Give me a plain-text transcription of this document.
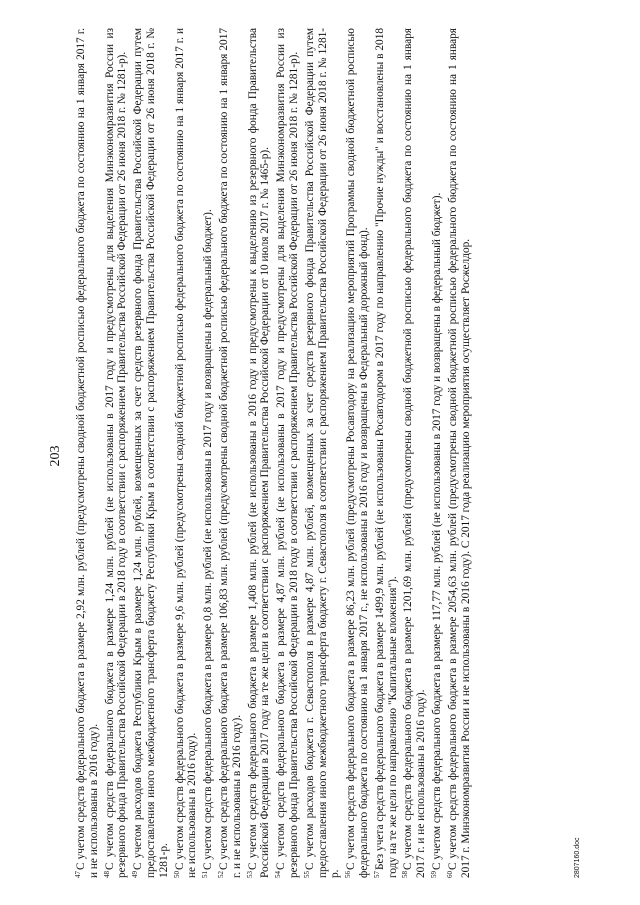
203

$^{47}$С учетом средств федерального бюджета в размере 2,92 млн. рублей (предусмотрены сводной бюджетной росписью федерального бюджета по состоянию на 1 января 2017 г. и не использованы в 2016 году). $^{48}$С учетом средств федерального бюджета в размере 1,24 млн. рублей (не использованы в 2017 году и предусмотрены для выделения Минэкономразвития России из резервного фонда Правительства Российской Федерации в 2018 году в соответствии с распоряжением Правительства Российской Федерации от 26 июня 2018 г. № 1281-р). $^{49}$С учетом расходов бюджета Республики Крым в размере 1,24 млн. рублей, возмещенных за счет средств резервного фонда Правительства Российской Федерации путем предоставления иного межбюджетного трансферта бюджету Республики Крым в соответствии с распоряжением Правительства Российской Федерации от 26 июня 2018 г. № 1281-р. $^{50}$С учетом средств федерального бюджета в размере 9,6 млн. рублей (предусмотрены сводной бюджетной росписью федерального бюджета по состоянию на 1 января 2017 г. и не использованы в 2016 году). $^{51}$С учетом средств федерального бюджета в размере 0,8 млн. рублей (не использованы в 2017 году и возвращены в федеральный бюджет).

$^{52}$С учетом средств федерального бюджета в размере 106,83 млн. рублей (предусмотрены сводной бюджетной росписью федерального бюджета по состоянию на 1 января 2017 г. и не использованы в 2016 году). $^{53}$С учетом средств федерального бюджета в размере 1,408 млн. рублей (не использованы в 2016 году и предусмотрены к выделению из резервного фонда Правительства Российской Федерации в 2017 году на те же цели в соответствии с распоряжением Правительства Российской Федерации от 10 июля 2017 г. № 1465-р). $^{54}$С учетом средств федерального бюджета в размере 4,87 млн. рублей (не использованы в 2017 году и предусмотрены для выделения Минэкономразвития России из резервного фонда Правительства Российской Федерации в 2018 году в соответствии с распоряжением Правительства Российской Федерации от 26 июня 2018 г. № 1281-р). $^{55}$С учетом расходов бюджета г. Севастополя в размере 4,87 млн. рублей, возмещенных за счет средств резервного фонда Правительства Российской Федерации путем предоставления иного межбюджетного трансферта бюджету г. Севастополя в соответствии с распоряжением Правительства Российской Федерации от 26 июня 2018 г. № 1281-р. $^{56}$С учетом средств федерального бюджета в размере 86,23 млн. рублей (предусмотрены Росавтодору на реализацию мероприятий Программы сводной бюджетной росписью федерального бюджета по состоянию на 1 января 2017 г., не использованы в 2016 году и возвращены в Федеральный дорожный фонд). $^{57}$Без учета средств федерального бюджета в размере 1499,9 млн. рублей (не использованы Росавтодором в 2017 году по направлению "Прочие нужды" и восстановлены в 2018 году на те же цели по направлению "Капитальные вложения"). $^{58}$С учетом средств федерального бюджета в размере 1201,69 млн. рублей (предусмотрены сводной бюджетной росписью федерального бюджета по состоянию на 1 января 2017 г. и не использованы в 2016 году). $^{59}$С учетом средств федерального бюджета в размере 117,77 млн. рублей (не использованы в 2017 году и возвращены в федеральный бюджет).

$^{60}$С учетом средств федерального бюджета в размере 2054,63 млн. рублей (предусмотрены сводной бюджетной росписью федерального бюджета по состоянию на 1 января 2017 г. Минэкономразвития России и не использованы в 2016 году). С 2017 года реализацию мероприятия осуществляет Росжелдор.	2807160.doc
